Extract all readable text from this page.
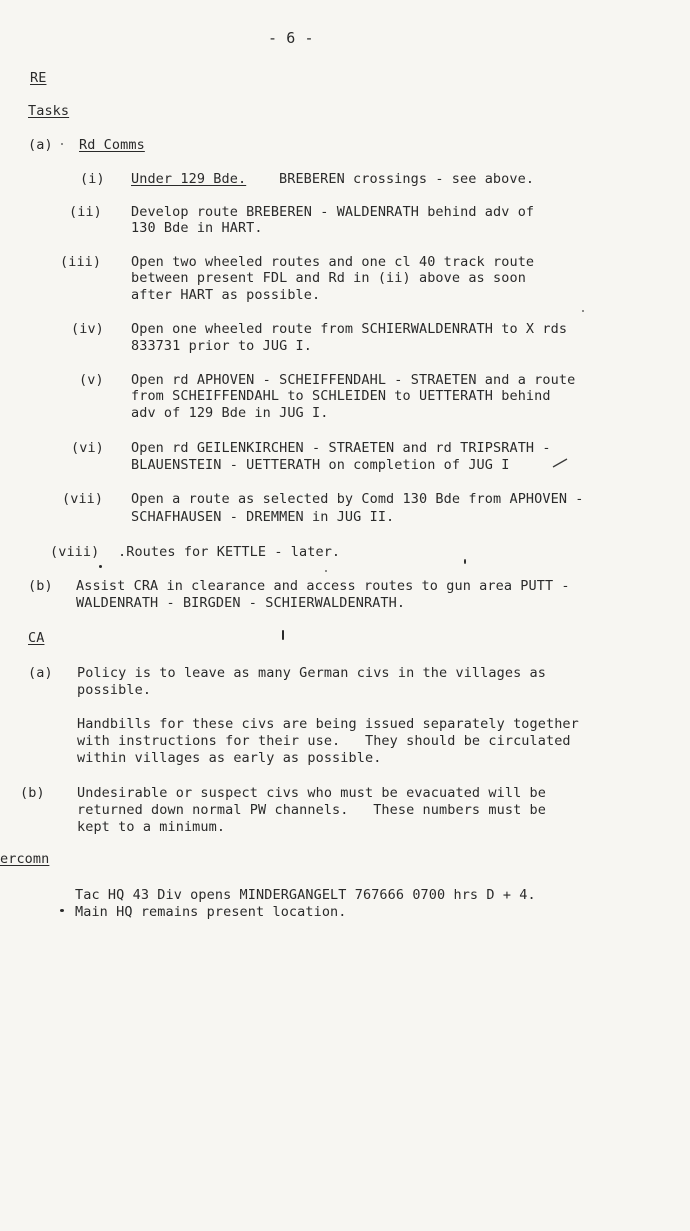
- 6 -
RE
Tasks
(a) Rd Comms
(i) Under 129 Bde. BREBEREN crossings - see above.
(ii) Develop route BREBEREN - WALDENRATH behind adv of
130 Bde in HART.
(iii) Open two wheeled routes and one cl 40 track route
between present FDL and Rd in (ii) above as soon
after HART as possible.
(iv) Open one wheeled route from SCHIERWALDENRATH to X rds
833731 prior to JUG I.
(v) Open rd APHOVEN - SCHEIFFENDAHL - STRAETEN and a route
from SCHEIFFENDAHL to SCHLEIDEN to UETTERATH behind
adv of 129 Bde in JUG I.
(vi) Open rd GEILENKIRCHEN - STRAETEN and rd TRIPSRATH -
BLAUENSTEIN - UETTERATH on completion of JUG I
(vii) Open a route as selected by Comd 130 Bde from APHOVEN -
SCHAFHAUSEN - DREMMEN in JUG II.
(viii) .Routes for KETTLE - later.
(b) Assist CRA in clearance and access routes to gun area PUTT -
WALDENRATH - BIRGDEN - SCHIERWALDENRATH.
CA
(a) Policy is to leave as many German civs in the villages as
possible.
Handbills for these civs are being issued separately together
with instructions for their use.   They should be circulated
within villages as early as possible.
(b) Undesirable or suspect civs who must be evacuated will be
returned down normal PW channels.   These numbers must be
kept to a minimum.
ercomn
Tac HQ 43 Div opens MINDERGANGELT 767666 0700 hrs D + 4.
Main HQ remains present location.
